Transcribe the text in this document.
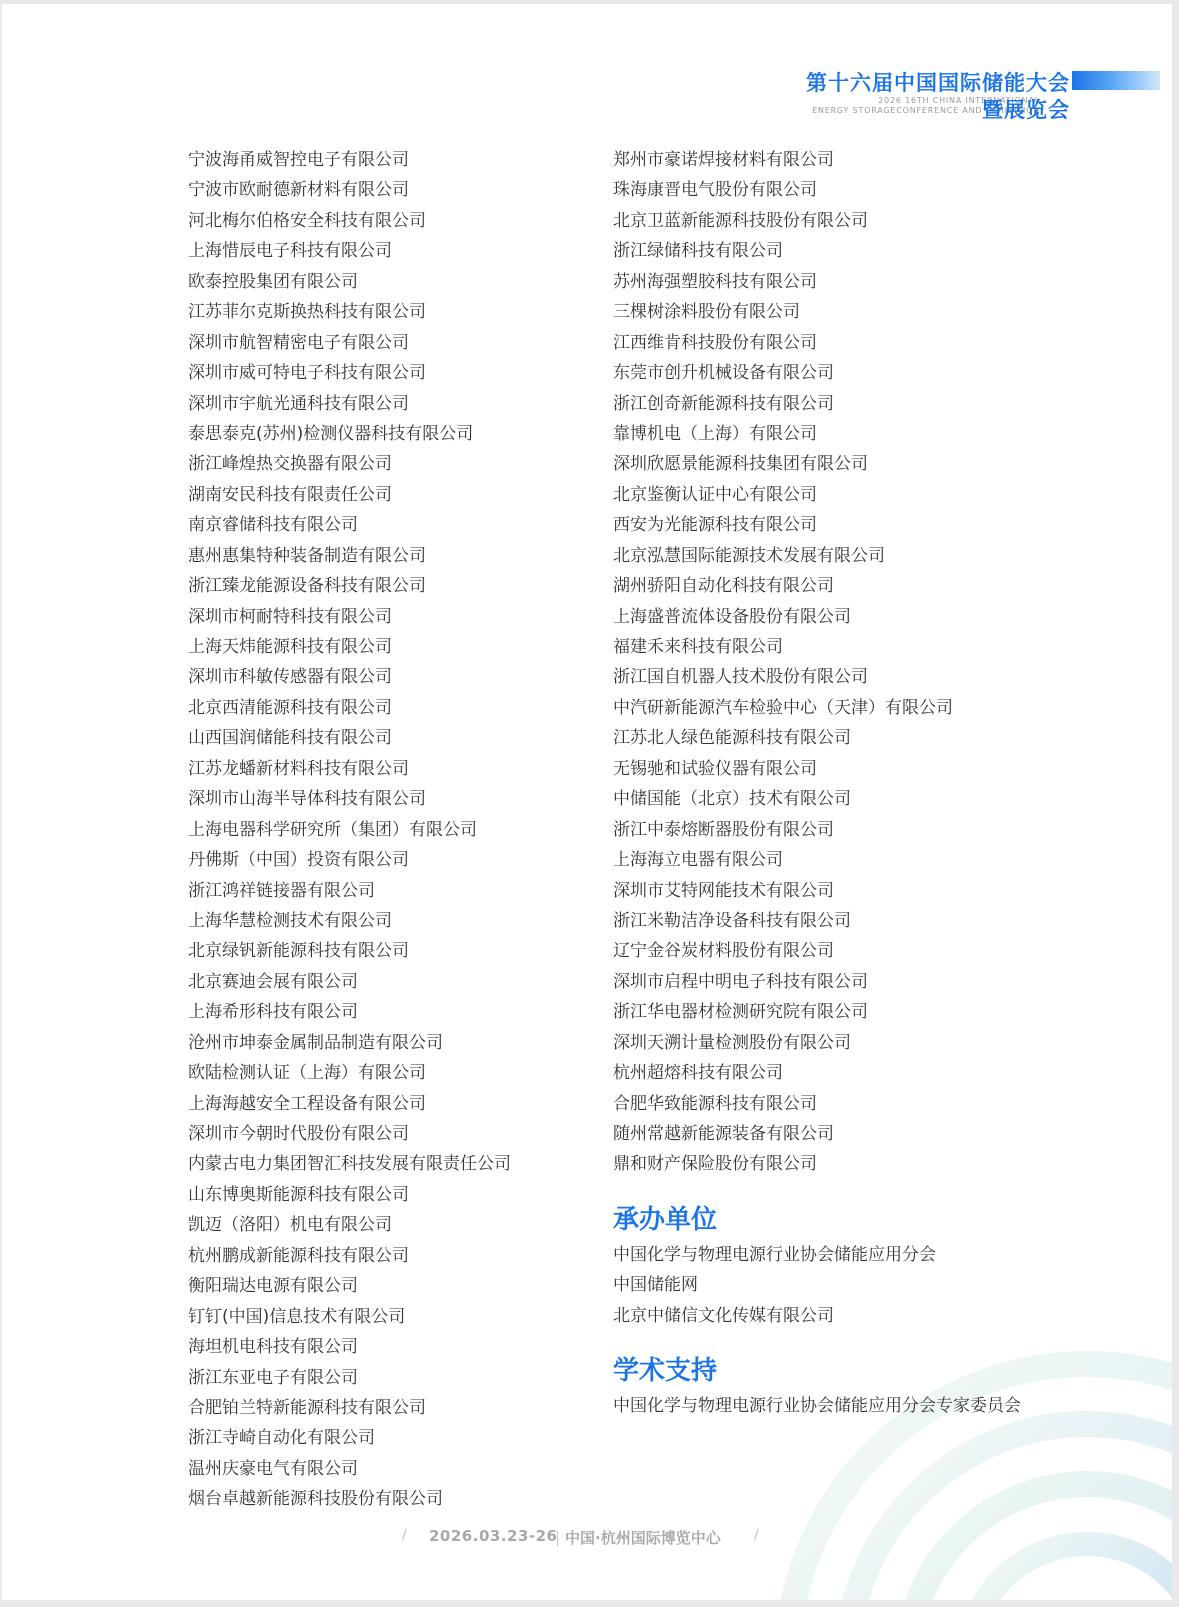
第十六届中国国际储能大会
2026 16TH CHINA INTERNATIONAL
ENERGY STORAGECONFERENCE AND EXHIBITION
暨展览会
宁波海甬威智控电子有限公司
宁波市欧耐德新材料有限公司
河北梅尔伯格安全科技有限公司
上海惜辰电子科技有限公司
欧泰控股集团有限公司
江苏菲尔克斯换热科技有限公司
深圳市航智精密电子有限公司
深圳市威可特电子科技有限公司
深圳市宇航光通科技有限公司
泰思泰克(苏州)检测仪器科技有限公司
浙江峰煌热交换器有限公司
湖南安民科技有限责任公司
南京睿储科技有限公司
惠州惠集特种装备制造有限公司
浙江臻龙能源设备科技有限公司
深圳市柯耐特科技有限公司
上海天炜能源科技有限公司
深圳市科敏传感器有限公司
北京西清能源科技有限公司
山西国润储能科技有限公司
江苏龙蟠新材料科技有限公司
深圳市山海半导体科技有限公司
上海电器科学研究所（集团）有限公司
丹佛斯（中国）投资有限公司
浙江鸿祥链接器有限公司
上海华慧检测技术有限公司
北京绿钒新能源科技有限公司
北京赛迪会展有限公司
上海希形科技有限公司
沧州市坤泰金属制品制造有限公司
欧陆检测认证（上海）有限公司
上海海越安全工程设备有限公司
深圳市今朝时代股份有限公司
内蒙古电力集团智汇科技发展有限责任公司
山东博奥斯能源科技有限公司
凯迈（洛阳）机电有限公司
杭州鹏成新能源科技有限公司
衡阳瑞达电源有限公司
钉钉(中国)信息技术有限公司
海坦机电科技有限公司
浙江东亚电子有限公司
合肥铂兰特新能源科技有限公司
浙江寺崎自动化有限公司
温州庆豪电气有限公司
烟台卓越新能源科技股份有限公司
郑州市豪诺焊接材料有限公司
珠海康晋电气股份有限公司
北京卫蓝新能源科技股份有限公司
浙江绿储科技有限公司
苏州海强塑胶科技有限公司
三棵树涂料股份有限公司
江西维肯科技股份有限公司
东莞市创升机械设备有限公司
浙江创奇新能源科技有限公司
靠博机电（上海）有限公司
深圳欣愿景能源科技集团有限公司
北京鉴衡认证中心有限公司
西安为光能源科技有限公司
北京泓慧国际能源技术发展有限公司
湖州骄阳自动化科技有限公司
上海盛普流体设备股份有限公司
福建禾来科技有限公司
浙江国自机器人技术股份有限公司
中汽研新能源汽车检验中心（天津）有限公司
江苏北人绿色能源科技有限公司
无锡驰和试验仪器有限公司
中储国能（北京）技术有限公司
浙江中泰熔断器股份有限公司
上海海立电器有限公司
深圳市艾特网能技术有限公司
浙江米勒洁净设备科技有限公司
辽宁金谷炭材料股份有限公司
深圳市启程中明电子科技有限公司
浙江华电器材检测研究院有限公司
深圳天溯计量检测股份有限公司
杭州超熔科技有限公司
合肥华致能源科技有限公司
随州常越新能源装备有限公司
鼎和财产保险股份有限公司
承办单位
中国化学与物理电源行业协会储能应用分会
中国储能网
北京中储信文化传媒有限公司
学术支持
中国化学与物理电源行业协会储能应用分会专家委员会
/ 2026.03.23-26 中国·杭州国际博览中心 /
